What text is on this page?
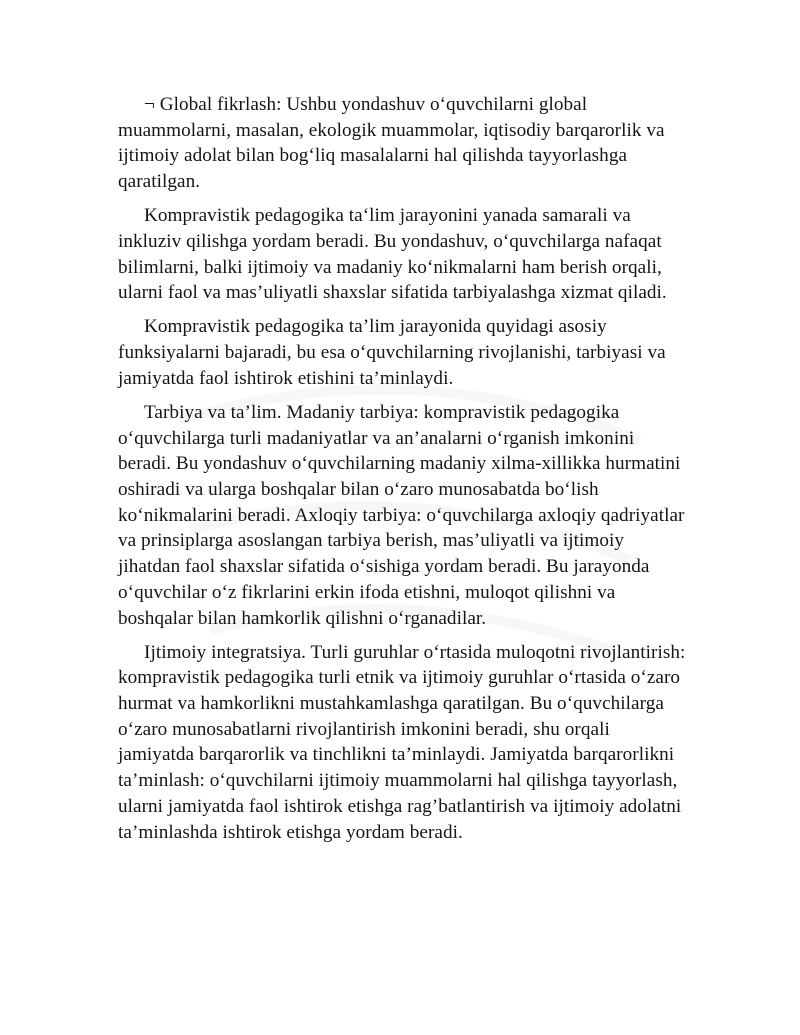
¬ Global fikrlash: Ushbu yondashuv o‘quvchilarni global muammolarni, masalan, ekologik muammolar, iqtisodiy barqarorlik va ijtimoiy adolat bilan bog‘liq masalalarni hal qilishda tayyorlashga qaratilgan.

Kompravistik pedagogika ta‘lim jarayonini yanada samarali va inkluziv qilishga yordam beradi. Bu yondashuv, o‘quvchilarga nafaqat bilimlarni, balki ijtimoiy va madaniy ko‘nikmalarni ham berish orqali, ularni faol va mas’uliyatli shaxslar sifatida tarbiyalashga xizmat qiladi.

Kompravistik pedagogika ta’lim jarayonida quyidagi asosiy funksiyalarni bajaradi, bu esa o‘quvchilarning rivojlanishi, tarbiyasi va jamiyatda faol ishtirok etishini ta’minlaydi.

Tarbiya va ta’lim. Madaniy tarbiya: kompravistik pedagogika o‘quvchilarga turli madaniyatlar va an’analarni o‘rganish imkonini beradi. Bu yondashuv o‘quvchilarning madaniy xilma-xillikka hurmatini oshiradi va ularga boshqalar bilan o‘zaro munosabatda bo‘lish ko‘nikmalarini beradi. Axloqiy tarbiya: o‘quvchilarga axloqiy qadriyatlar va prinsiplarga asoslangan tarbiya berish, mas’uliyatli va ijtimoiy jihatdan faol shaxslar sifatida o‘sishiga yordam beradi. Bu jarayonda o‘quvchilar o‘z fikrlarini erkin ifoda etishni, muloqot qilishni va boshqalar bilan hamkorlik qilishni o‘rganadilar.

Ijtimoiy integratsiya. Turli guruhlar o‘rtasida muloqotni rivojlantirish: kompravistik pedagogika turli etnik va ijtimoiy guruhlar o‘rtasida o‘zaro hurmat va hamkorlikni mustahkamlashga qaratilgan. Bu o‘quvchilarga o‘zaro munosabatlarni rivojlantirish imkonini beradi, shu orqali jamiyatda barqarorlik va tinchlikni ta’minlaydi. Jamiyatda barqarorlikni ta’minlash: o‘quvchilarni ijtimoiy muammolarni hal qilishga tayyorlash, ularni jamiyatda faol ishtirok etishga rag’batlantirish va ijtimoiy adolatni ta’minlashda ishtirok etishga yordam beradi.
